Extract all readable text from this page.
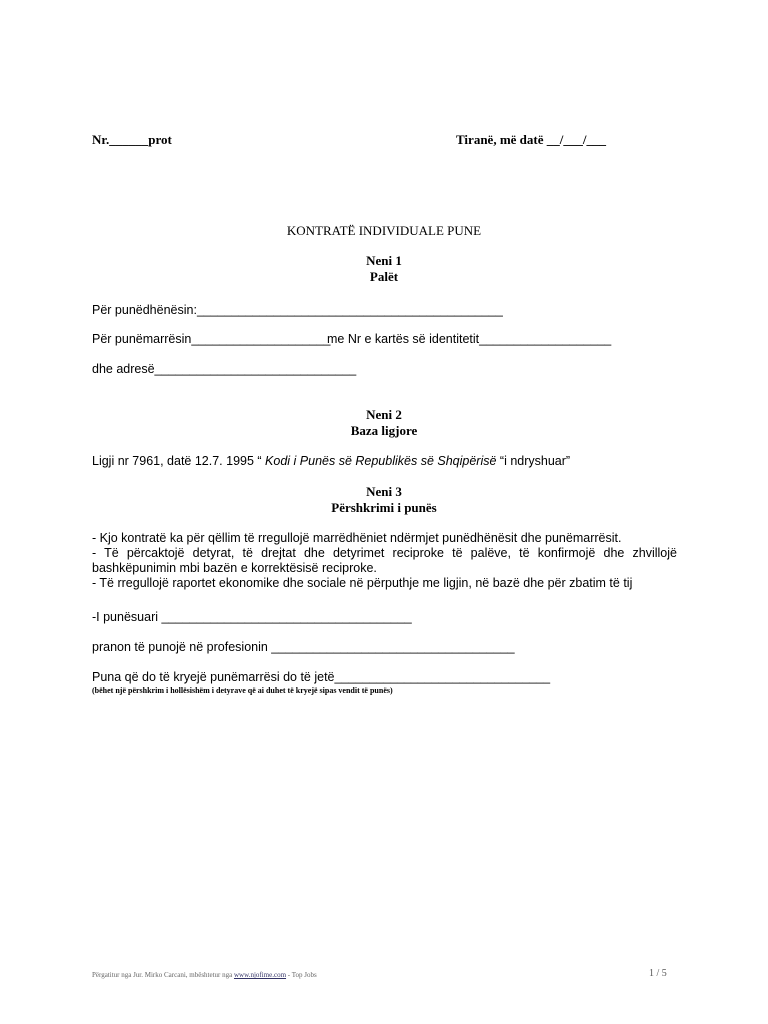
Nr.______prot	Tiranë, më datë __/___/___
KONTRATË INDIVIDUALE PUNE
Neni 1
Palët
Për punëdhënësin:____________________________________________
Për punëmarrësin____________________
me Nr e kartës së identitetit___________________
dhe adresë_____________________________
Neni 2
Baza ligjore
Ligji nr 7961, datë 12.7. 1995 “ Kodi i Punës së Republikës së Shqipërisë “i ndryshuar”
Neni 3
Përshkrimi i punës
- Kjo kontratë ka për qëllim të rregullojë marrëdhëniet ndërmjet punëdhënësit dhe punëmarrësit.
- Të përcaktojë detyrat, të drejtat dhe detyrimet reciproke të palëve, të konfirmojë dhe zhvillojë bashkëpunimin mbi bazën e korrektësisë reciproke.
- Të rregullojë raportet ekonomike dhe sociale në përputhje me ligjin, në bazë dhe për zbatim të tij
-I punësuari ____________________________________
pranon të punojë në profesionin ___________________________________
Puna që do të kryejë punëmarrësi do të jetë_______________________________
(bëhet një përshkrim i hollësishëm i detyrave që ai duhet të kryejë sipas vendit të punës)
Përgatitur nga Jur. Mirko Carcani, mbështetur nga www.njofime.com - Top Jobs	1 / 5
